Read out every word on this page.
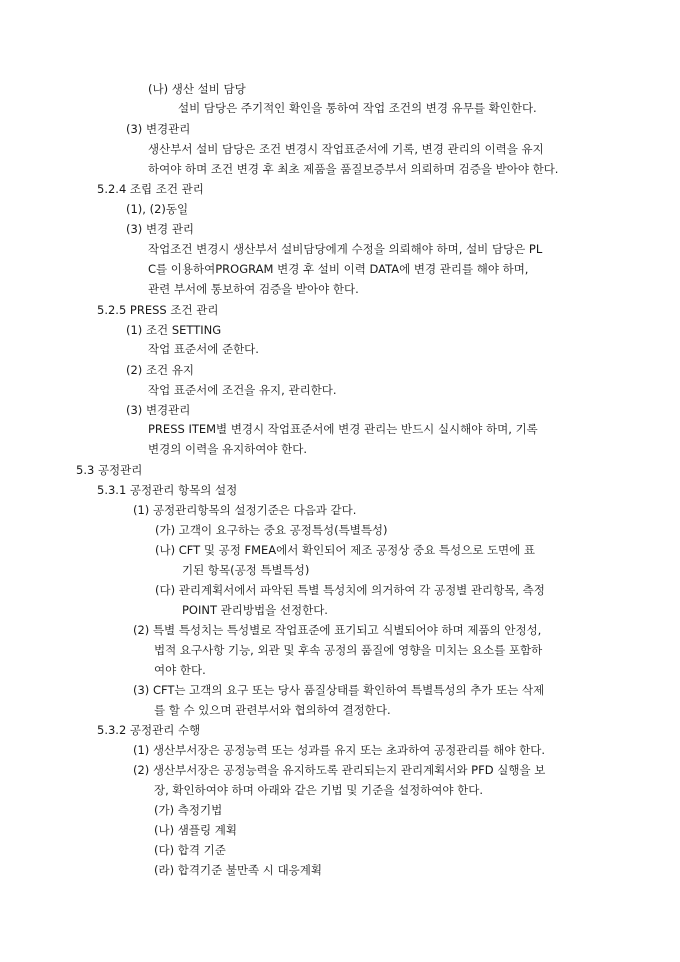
(나) 생산 설비 담당
설비 담당은 주기적인 확인을 통하여 작업 조건의 변경 유무를 확인한다.
(3) 변경관리
생산부서 설비 담당은 조건 변경시 작업표준서에 기록, 변경 관리의 이력을 유지
하여야 하며 조건 변경 후 최초 제품을 품질보증부서 의뢰하며 검증을 받아야 한다.
5.2.4 조립 조건 관리
(1), (2)동일
(3) 변경 관리
작업조건 변경시 생산부서 설비담당에게 수정을 의뢰해야 하며, 설비 담당은 PL
C를 이용하여PROGRAM 변경 후 설비 이력 DATA에 변경 관리를 해야 하며,
관련 부서에 통보하여 검증을 받아야 한다.
5.2.5 PRESS 조건 관리
(1) 조건 SETTING
작업 표준서에 준한다.
(2) 조건 유지
작업 표준서에 조건을 유지, 관리한다.
(3) 변경관리
PRESS ITEM별 변경시 작업표준서에 변경 관리는 반드시 실시해야 하며, 기록
변경의 이력을 유지하여야 한다.
5.3 공정관리
5.3.1 공정관리 항목의 설정
(1) 공정관리항목의 설정기준은 다음과 같다.
(가) 고객이 요구하는 중요 공정특성(특별특성)
(나) CFT 및 공정 FMEA에서 확인되어 제조 공정상 중요 특성으로 도면에 표
기된 항목(공정 특별특성)
(다) 관리계획서에서 파악된 특별 특성치에 의거하여 각 공정별 관리항목, 측정
POINT 관리방법을 선정한다.
(2) 특별 특성치는 특성별로 작업표준에 표기되고 식별되어야 하며 제품의 안정성,
법적 요구사항 기능, 외관 및 후속 공정의 품질에 영향을 미치는 요소를 포함하
여야 한다.
(3) CFT는 고객의 요구 또는 당사 품질상태를 확인하여 특별특성의 추가 또는 삭제
를 할 수 있으며 관련부서와 협의하여 결정한다.
5.3.2 공정관리 수행
(1) 생산부서장은 공정능력 또는 성과를 유지 또는 초과하여 공정관리를 해야 한다.
(2) 생산부서장은 공정능력을 유지하도록 관리되는지 관리계획서와 PFD 실행을 보
장, 확인하여야 하며 아래와 같은 기법 및 기준을 설정하여야 한다.
(가) 측정기법
(나) 샘플링 계획
(다) 합격 기준
(라) 합격기준 불만족 시 대응계획
